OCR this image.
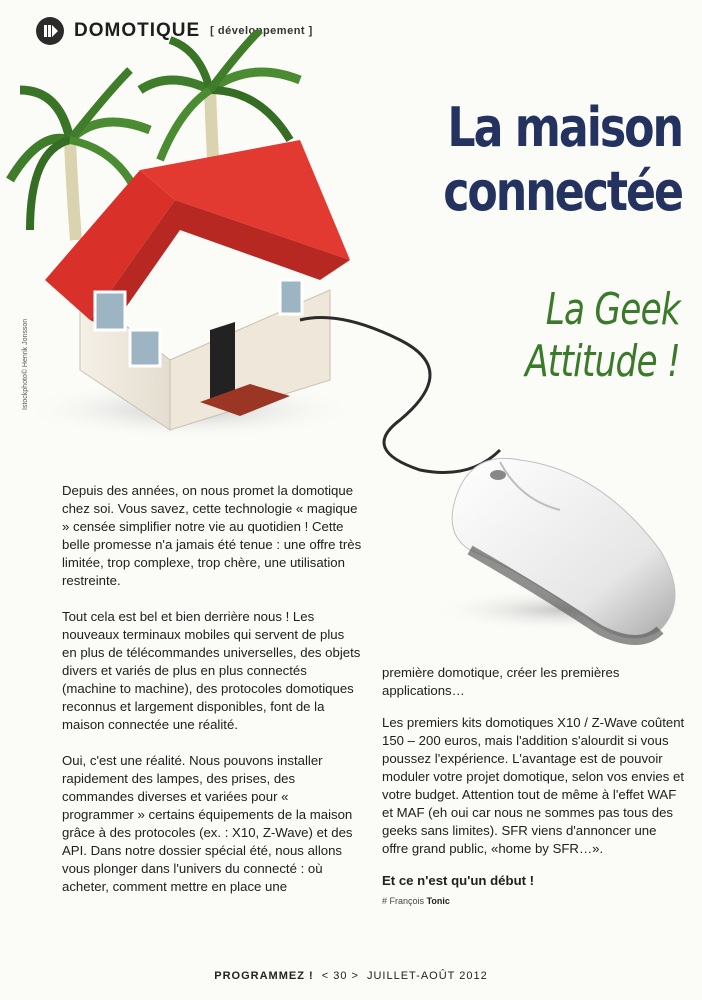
DOMOTIQUE [ développement ]
Istockphoto© Henrik Jonsson
La maison
connectée
La Geek
Attitude !

Depuis des années, on nous promet la domotique chez soi. Vous savez, cette technologie « magique » censée simplifier notre vie au quotidien ! Cette belle promesse n'a jamais été tenue : une offre très limitée, trop complexe, trop chère, une utilisation restreinte.

Tout cela est bel et bien derrière nous ! Les nouveaux terminaux mobiles qui servent de plus en plus de télécommandes universelles, des objets divers et variés de plus en plus connectés (machine to machine), des protocoles domotiques reconnus et largement disponibles, font de la maison connectée une réalité.

Oui, c'est une réalité. Nous pouvons installer rapidement des lampes, des prises, des commandes diverses et variées pour « programmer » certains équipements de la maison grâce à des protocoles (ex. : X10, Z-Wave) et des API. Dans notre dossier spécial été, nous allons vous plonger dans l'univers du connecté : où acheter, comment mettre en place une

première domotique, créer les premières applications…

Les premiers kits domotiques X10 / Z-Wave coûtent 150 – 200 euros, mais l'addition s'alourdit si vous poussez l'expérience. L'avantage est de pouvoir moduler votre projet domotique, selon vos envies et votre budget. Attention tout de même à l'effet WAF et MAF (eh oui car nous ne sommes pas tous des geeks sans limites). SFR viens d'annoncer une offre grand public, «home by SFR…».

Et ce n'est qu'un début !

# François Tonic
PROGRAMMEZ ! < 30 > JUILLET-AOÛT 2012
